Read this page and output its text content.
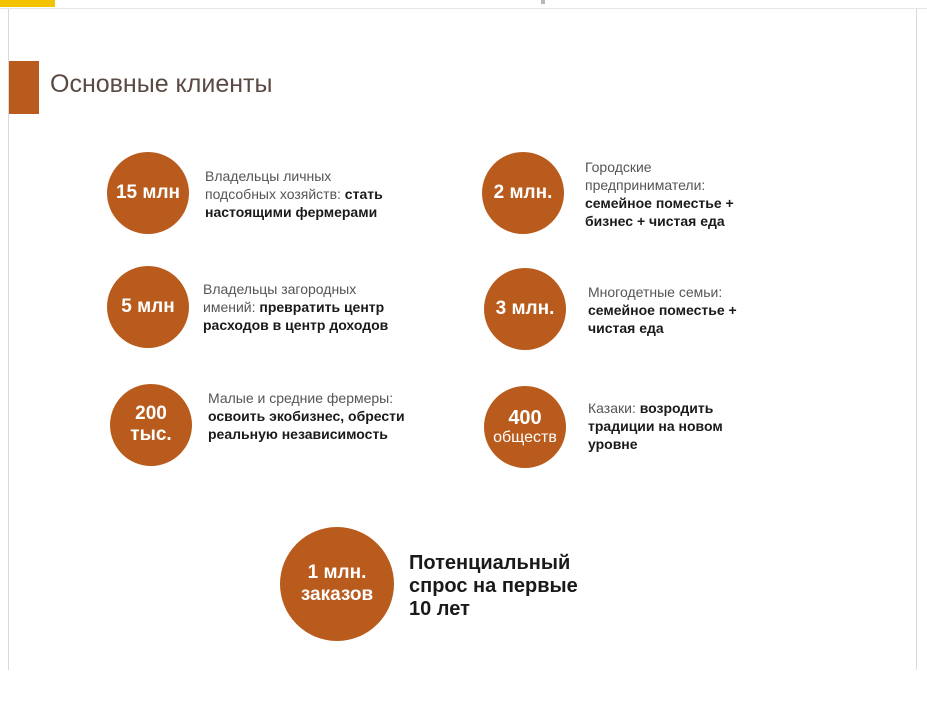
Основные клиенты
15 млн
Владельцы личных подсобных хозяйств: стать настоящими фермерами
5 млн
Владельцы загородных имений: превратить центр расходов в центр доходов
200
тыс.
Малые и средние фермеры: освоить экобизнес, обрести реальную независимость
2 млн.
Городские предприниматели: семейное поместье + бизнес + чистая еда
3 млн.
Многодетные семьи: семейное поместье + чистая еда
400
обществ
Казаки: возродить традиции на новом уровне
1 млн.
заказов
Потенциальный
спрос на первые
10 лет
